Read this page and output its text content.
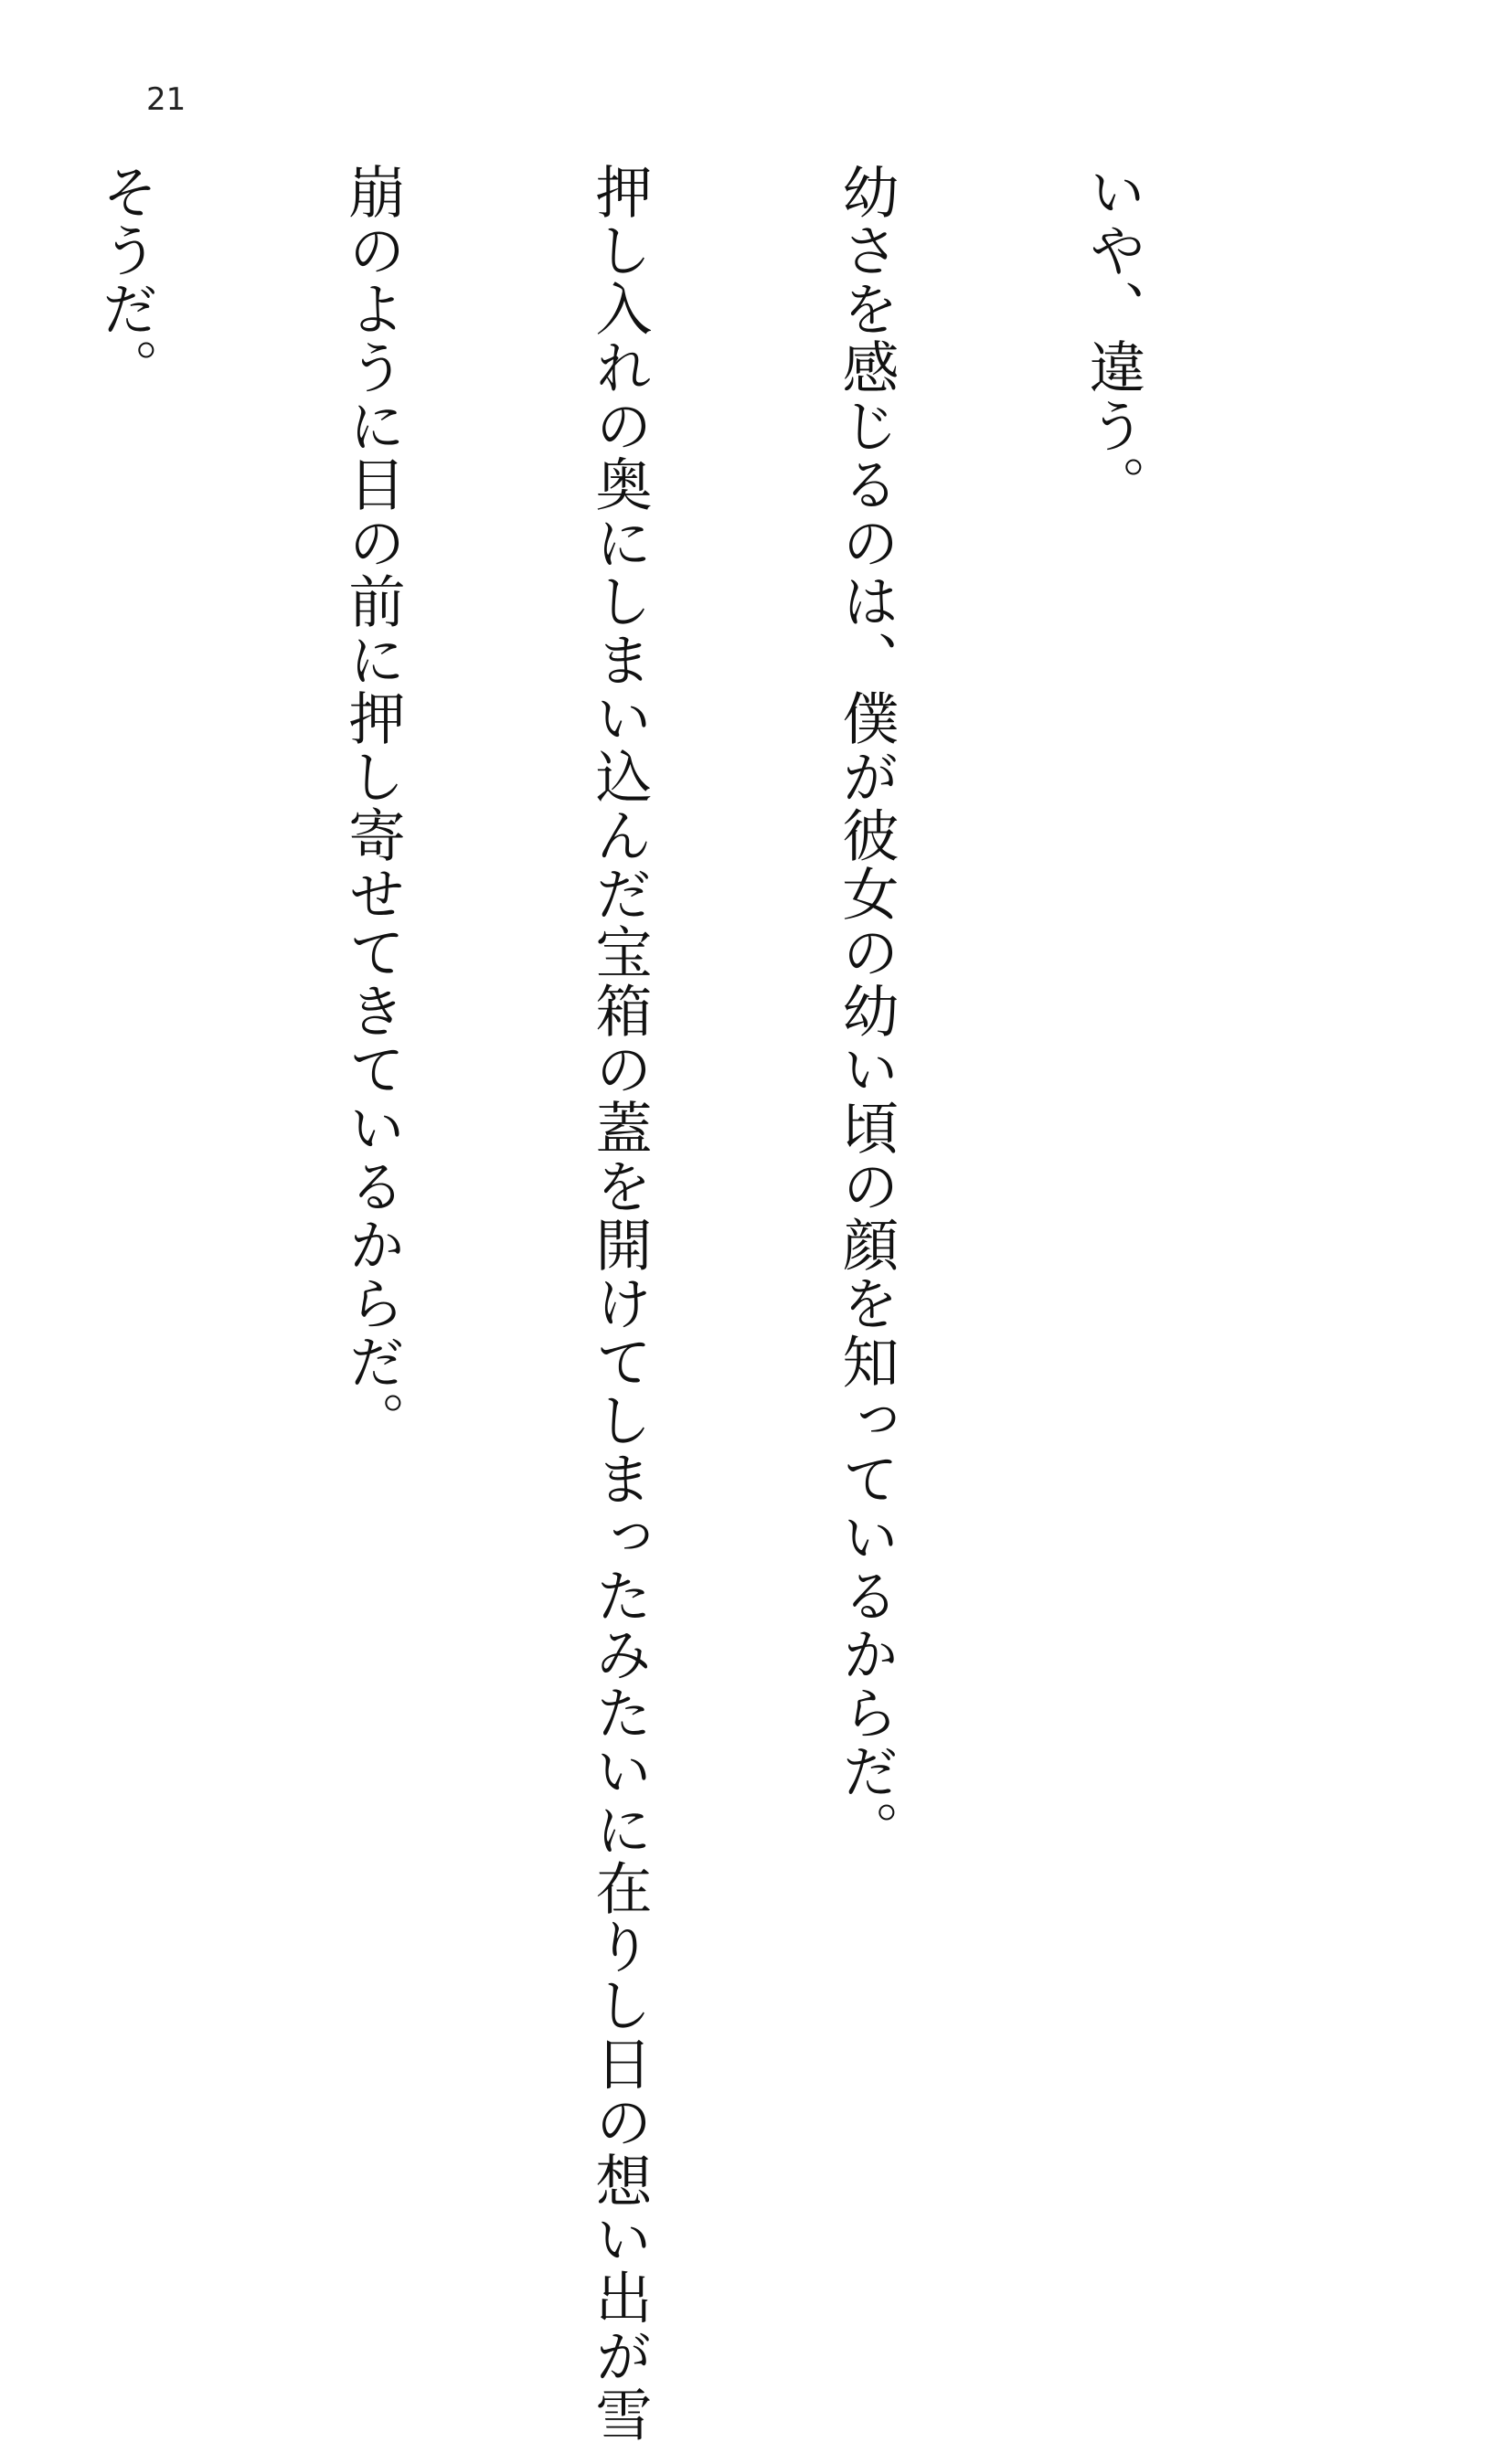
21

いや、違う。

幼さを感じるのは、僕が彼女の幼い頃の顔を知っているからだ。

押し入れの奥にしまい込んだ宝箱の蓋を開けてしまったみたいに在りし日の想い出が雪

崩のように目の前に押し寄せてきているからだ。

そうだ。
